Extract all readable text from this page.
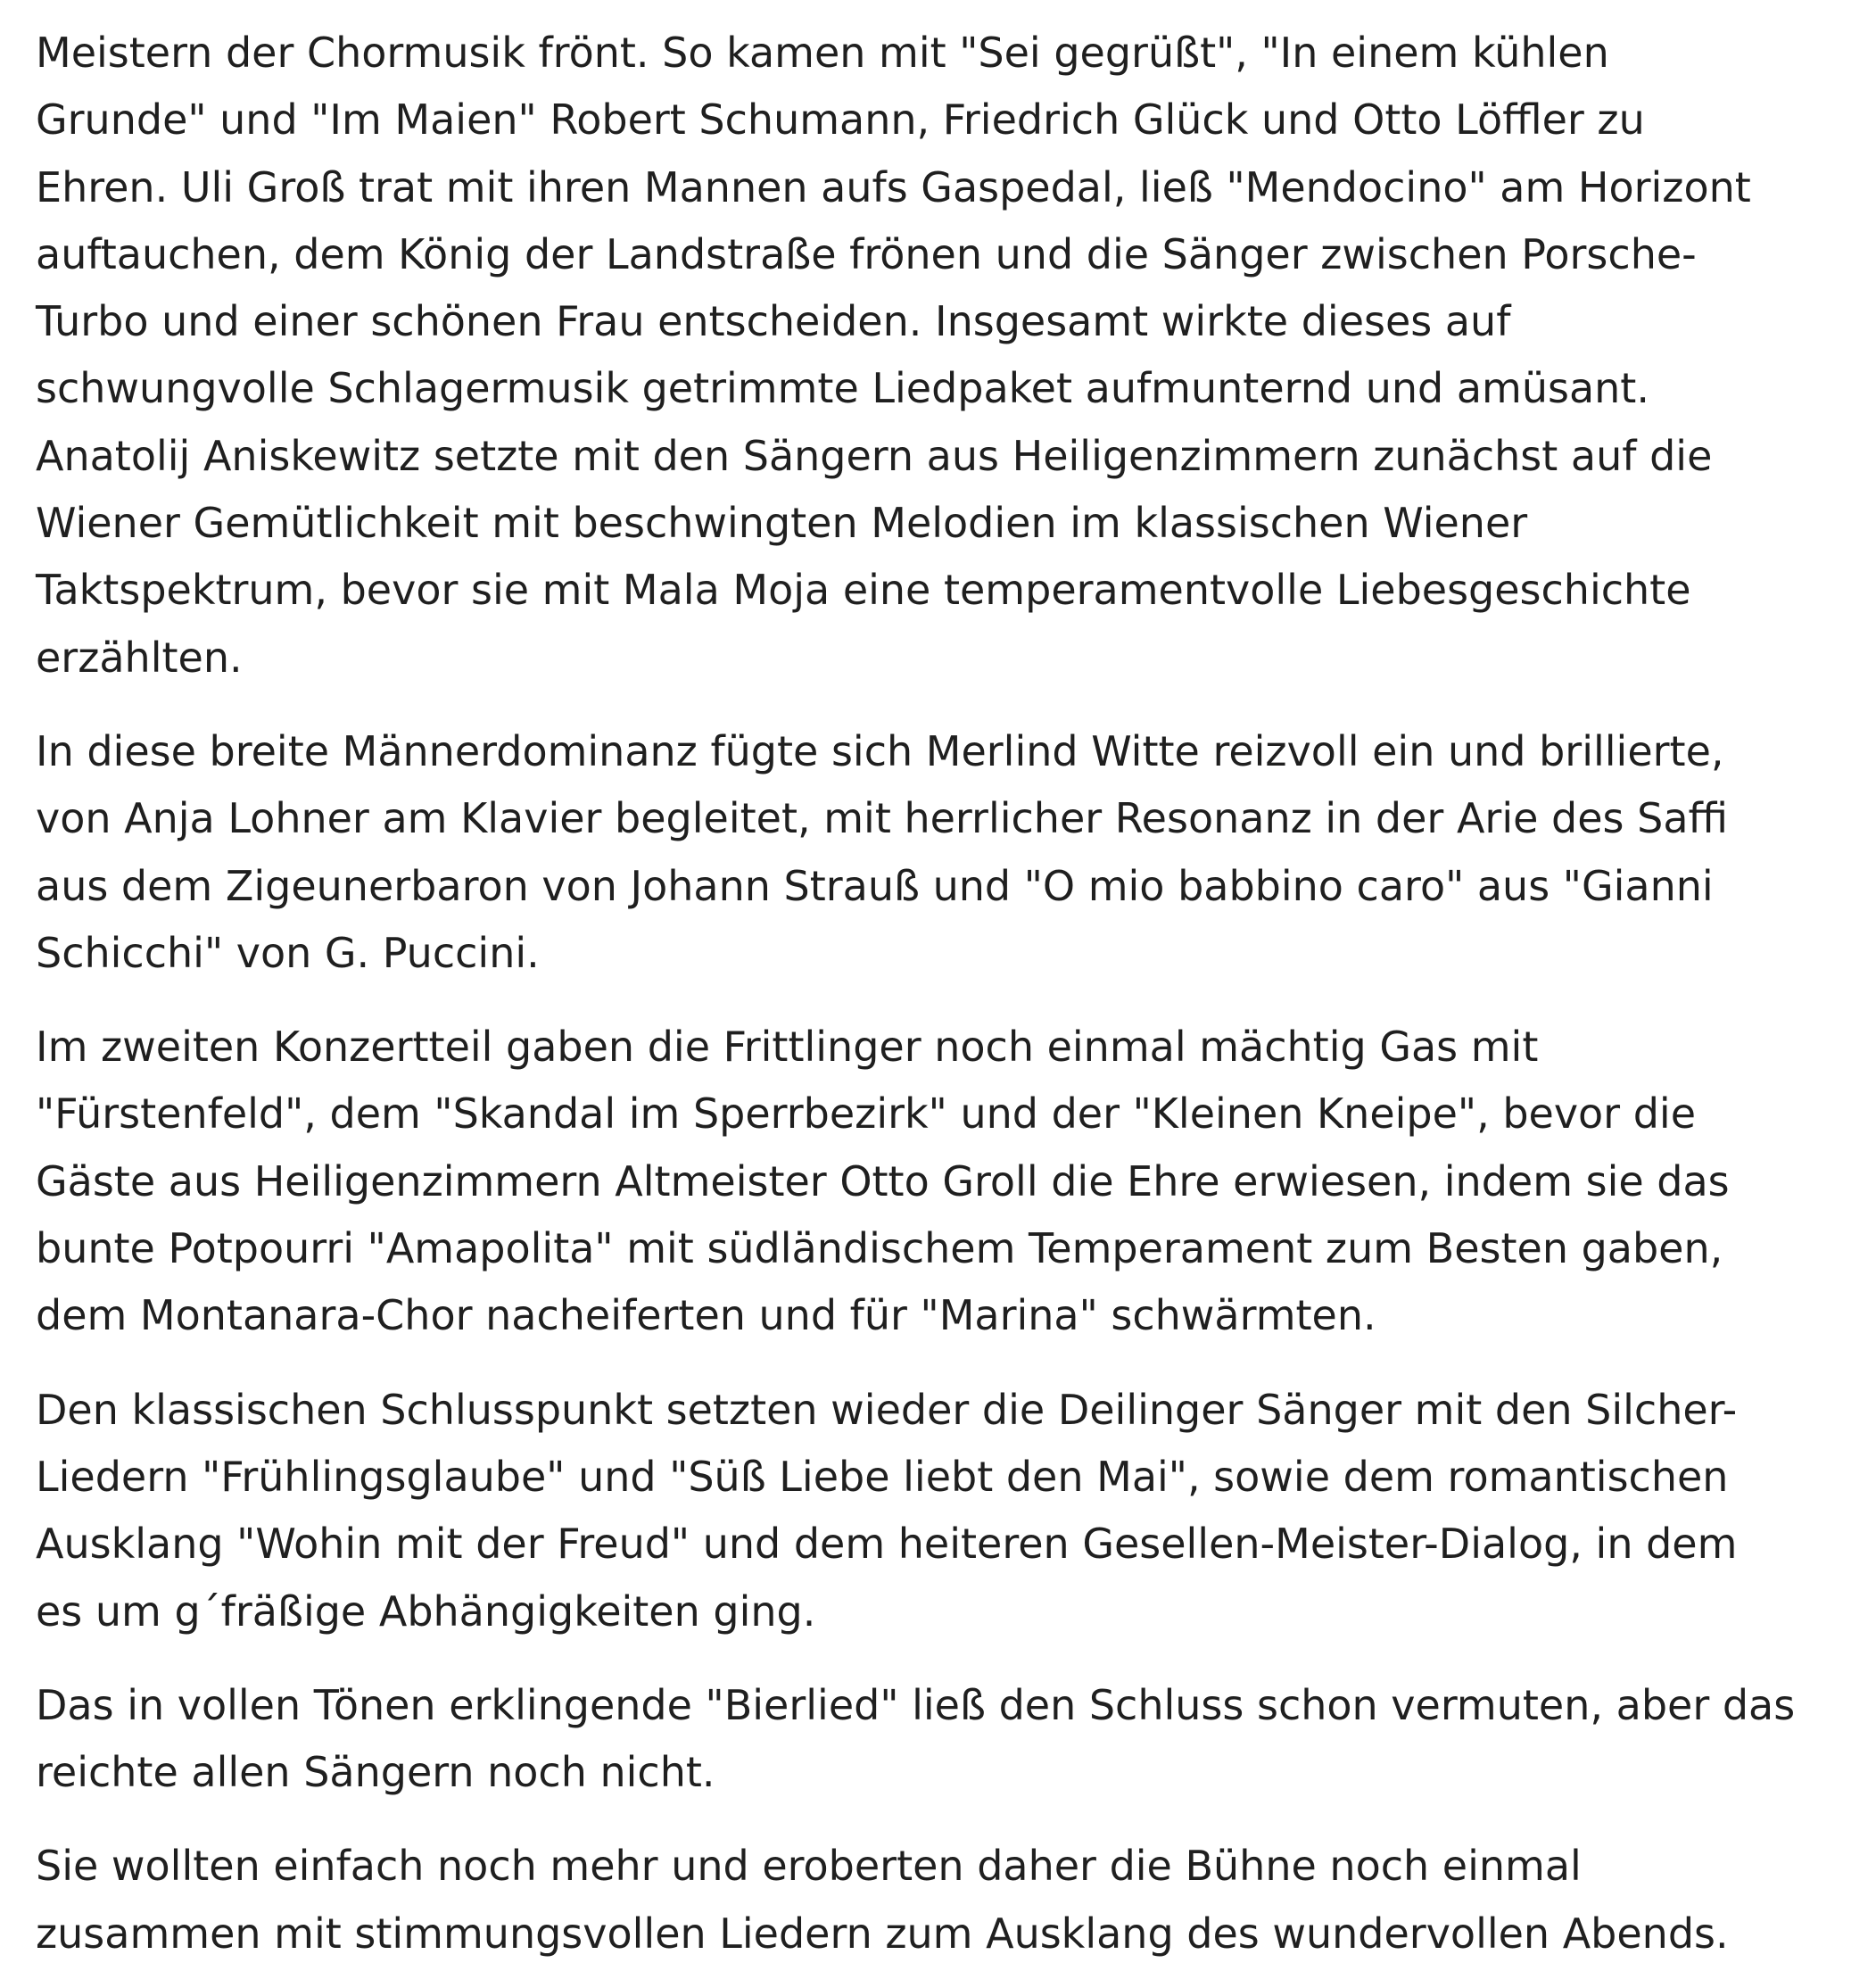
Meistern der Chormusik frönt. So kamen mit "Sei gegrüßt", "In einem kühlen
Grunde" und "Im Maien" Robert Schumann, Friedrich Glück und Otto Löffler zu
Ehren. Uli Groß trat mit ihren Mannen aufs Gaspedal, ließ "Mendocino" am Horizont
auftauchen, dem König der Landstraße frönen und die Sänger zwischen Porsche-
Turbo und einer schönen Frau entscheiden. Insgesamt wirkte dieses auf
schwungvolle Schlagermusik getrimmte Liedpaket aufmunternd und amüsant.
Anatolij Aniskewitz setzte mit den Sängern aus Heiligenzimmern zunächst auf die
Wiener Gemütlichkeit mit beschwingten Melodien im klassischen Wiener
Taktspektrum, bevor sie mit Mala Moja eine temperamentvolle Liebesgeschichte
erzählten.

In diese breite Männerdominanz fügte sich Merlind Witte reizvoll ein und brillierte,
von Anja Lohner am Klavier begleitet, mit herrlicher Resonanz in der Arie des Saffi
aus dem Zigeunerbaron von Johann Strauß und "O mio babbino caro" aus "Gianni
Schicchi" von G. Puccini.

Im zweiten Konzertteil gaben die Frittlinger noch einmal mächtig Gas mit
"Fürstenfeld", dem "Skandal im Sperrbezirk" und der "Kleinen Kneipe", bevor die
Gäste aus Heiligenzimmern Altmeister Otto Groll die Ehre erwiesen, indem sie das
bunte Potpourri "Amapolita" mit südländischem Temperament zum Besten gaben,
dem Montanara-Chor nacheiferten und für "Marina" schwärmten.

Den klassischen Schlusspunkt setzten wieder die Deilinger Sänger mit den Silcher-
Liedern "Frühlingsglaube" und "Süß Liebe liebt den Mai", sowie dem romantischen
Ausklang "Wohin mit der Freud" und dem heiteren Gesellen-Meister-Dialog, in dem
es um g´fräßige Abhängigkeiten ging.

Das in vollen Tönen erklingende "Bierlied" ließ den Schluss schon vermuten, aber das
reichte allen Sängern noch nicht.

Sie wollten einfach noch mehr und eroberten daher die Bühne noch einmal
zusammen mit stimmungsvollen Liedern zum Ausklang des wundervollen Abends.
